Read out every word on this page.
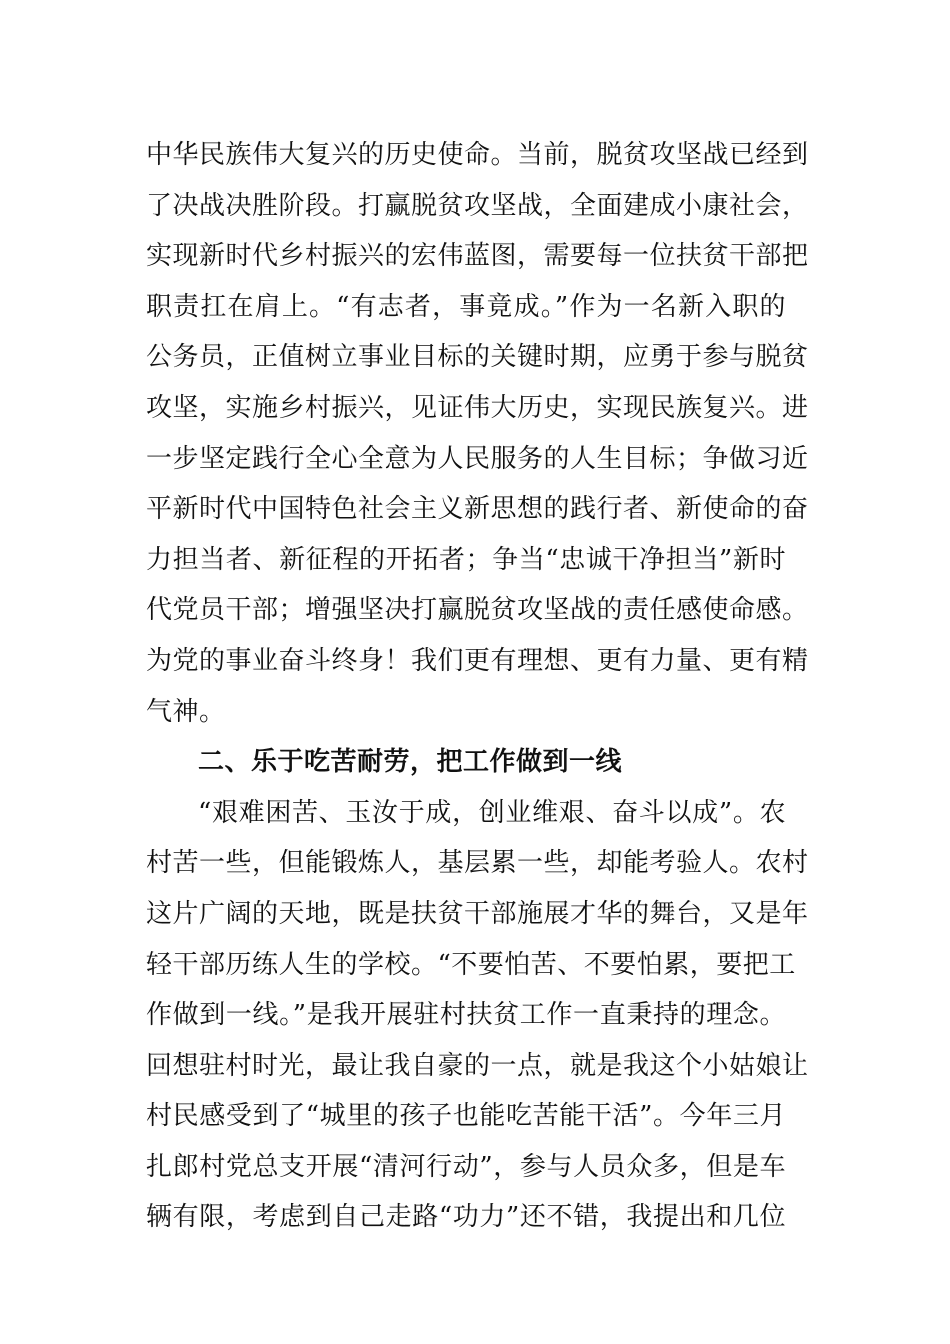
中华民族伟大复兴的历史使命。当前，脱贫攻坚战已经到
了决战决胜阶段。打赢脱贫攻坚战，全面建成小康社会，
实现新时代乡村振兴的宏伟蓝图，需要每一位扶贫干部把
职责扛在肩上。“有志者，事竟成。”作为一名新入职的
公务员，正值树立事业目标的关键时期，应勇于参与脱贫
攻坚，实施乡村振兴，见证伟大历史，实现民族复兴。进
一步坚定践行全心全意为人民服务的人生目标；争做习近
平新时代中国特色社会主义新思想的践行者、新使命的奋
力担当者、新征程的开拓者；争当“忠诚干净担当”新时
代党员干部；增强坚决打赢脱贫攻坚战的责任感使命感。
为党的事业奋斗终身！我们更有理想、更有力量、更有精
气神。
二、乐于吃苦耐劳，把工作做到一线
“艰难困苦、玉汝于成，创业维艰、奋斗以成”。农
村苦一些，但能锻炼人，基层累一些，却能考验人。农村
这片广阔的天地，既是扶贫干部施展才华的舞台，又是年
轻干部历练人生的学校。“不要怕苦、不要怕累，要把工
作做到一线。”是我开展驻村扶贫工作一直秉持的理念。
回想驻村时光，最让我自豪的一点，就是我这个小姑娘让
村民感受到了“城里的孩子也能吃苦能干活”。今年三月
扎郎村党总支开展“清河行动”，参与人员众多，但是车
辆有限，考虑到自己走路“功力”还不错，我提出和几位
